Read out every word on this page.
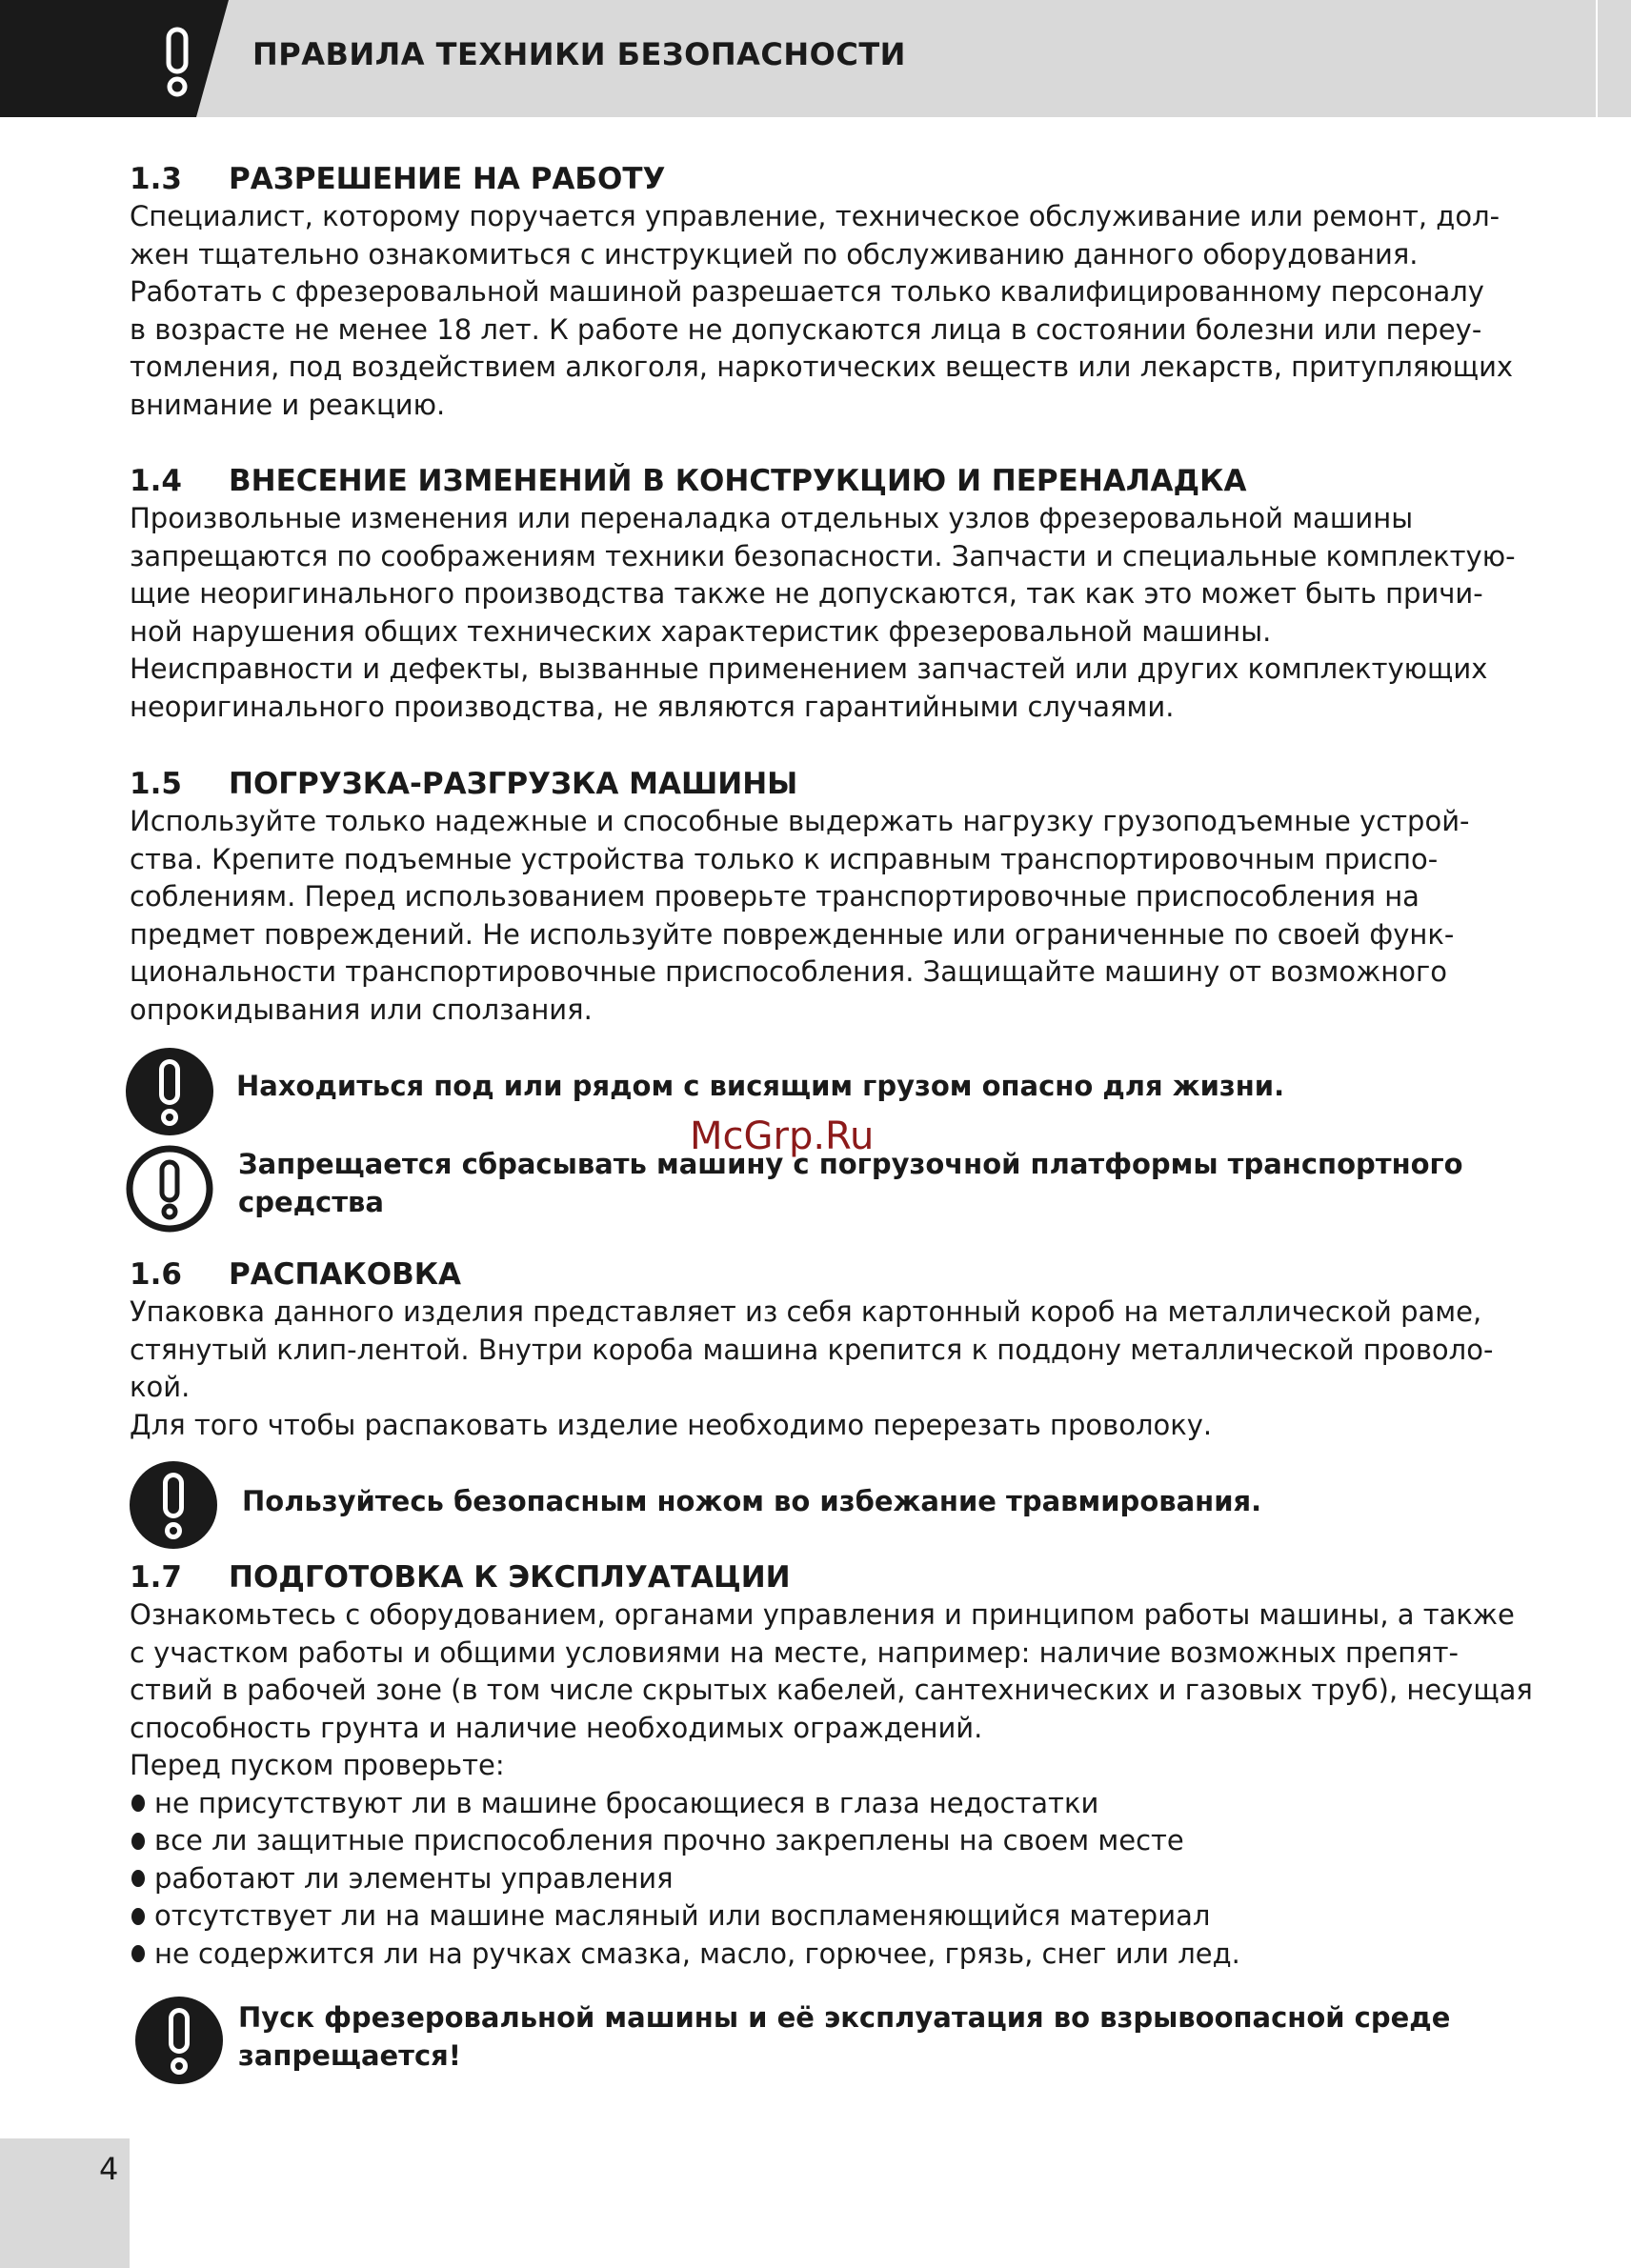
ПРАВИЛА ТЕХНИКИ БЕЗОПАСНОСТИ
1.3 РАЗРЕШЕНИЕ НА РАБОТУ

Специалист, которому поручается управление, техническое обслуживание или ремонт, дол-
жен тщательно ознакомиться с инструкцией по обслуживанию данного оборудования.
Работать с фрезеровальной машиной разрешается только квалифицированному персоналу
в возрасте не менее 18 лет. К работе не допускаются лица в состоянии болезни или переу-
томления, под воздействием алкоголя, наркотических веществ или лекарств, притупляющих
внимание и реакцию.

1.4 ВНЕСЕНИЕ ИЗМЕНЕНИЙ В КОНСТРУКЦИЮ И ПЕРЕНАЛАДКА

Произвольные изменения или переналадка отдельных узлов фрезеровальной машины
запрещаются по соображениям техники безопасности. Запчасти и специальные комплектую-
щие неоригинального производства также не допускаются, так как это может быть причи-
ной нарушения общих технических характеристик фрезеровальной машины.
Неисправности и дефекты, вызванные применением запчастей или других комплектующих
неоригинального производства, не являются гарантийными случаями.

1.5 ПОГРУЗКА-РАЗГРУЗКА МАШИНЫ

Используйте только надежные и способные выдержать нагрузку грузоподъемные устрой-
ства. Крепите подъемные устройства только к исправным транспортировочным приспо-
соблениям. Перед использованием проверьте транспортировочные приспособления на
предмет повреждений. Не используйте поврежденные или ограниченные по своей функ-
циональности транспортировочные приспособления. Защищайте машину от возможного
опрокидывания или сползания.

Находиться под или рядом с висящим грузом опасно для жизни.
McGrp.Ru
Запрещается сбрасывать машину с погрузочной платформы транспортного
средства
1.6 РАСПАКОВКА

Упаковка данного изделия представляет из себя картонный короб на металлической раме,
стянутый клип-лентой. Внутри короба машина крепится к поддону металлической проволо-
кой.
Для того чтобы распаковать изделие необходимо перерезать проволоку.

Пользуйтесь безопасным ножом во избежание травмирования.
1.7 ПОДГОТОВКА К ЭКСПЛУАТАЦИИ

Ознакомьтесь с оборудованием, органами управления и принципом работы машины, а также
с участком работы и общими условиями на месте, например: наличие возможных препят-
ствий в рабочей зоне (в том числе скрытых кабелей, сантехнических и газовых труб), несущая
способность грунта и наличие необходимых ограждений.
Перед пуском проверьте:

не присутствуют ли в машине бросающиеся в глаза недостатки
все ли защитные приспособления прочно закреплены на своем месте
работают ли элементы управления
отсутствует ли на машине масляный или воспламеняющийся материал
не содержится ли на ручках смазка, масло, горючее, грязь, снег или лед.
Пуск фрезеровальной машины и её эксплуатация во взрывоопасной среде
запрещается!
4
